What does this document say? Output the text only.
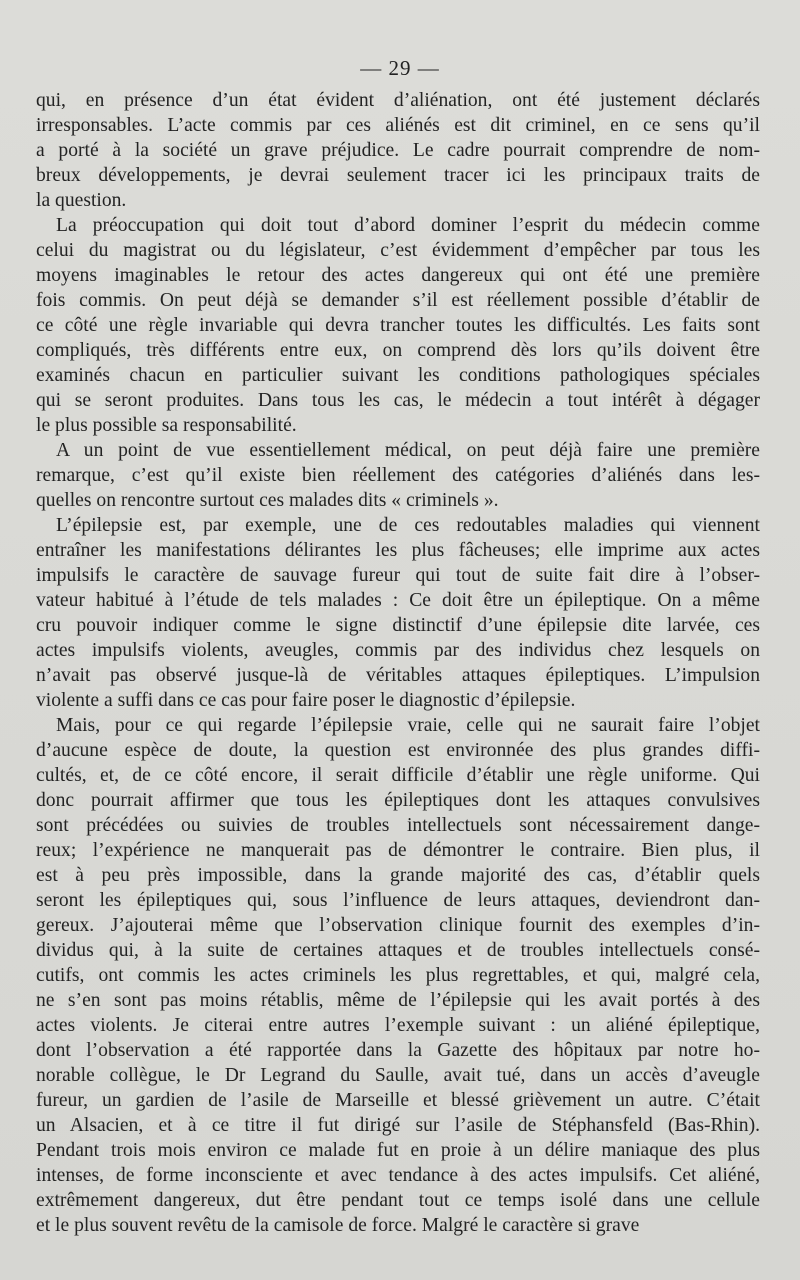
— 29 —
qui, en présence d’un état évident d’aliénation, ont été justement déclarés
irresponsables. L’acte commis par ces aliénés est dit criminel, en ce sens qu’il
a porté à la société un grave préjudice. Le cadre pourrait comprendre de nom-
breux développements, je devrai seulement tracer ici les principaux traits de
la question.
La préoccupation qui doit tout d’abord dominer l’esprit du médecin comme
celui du magistrat ou du législateur, c’est évidemment d’empêcher par tous les
moyens imaginables le retour des actes dangereux qui ont été une première
fois commis. On peut déjà se demander s’il est réellement possible d’établir de
ce côté une règle invariable qui devra trancher toutes les difficultés. Les faits sont
compliqués, très différents entre eux, on comprend dès lors qu’ils doivent être
examinés chacun en particulier suivant les conditions pathologiques spéciales
qui se seront produites. Dans tous les cas, le médecin a tout intérêt à dégager
le plus possible sa responsabilité.
A un point de vue essentiellement médical, on peut déjà faire une première
remarque, c’est qu’il existe bien réellement des catégories d’aliénés dans les-
quelles on rencontre surtout ces malades dits « criminels ».
L’épilepsie est, par exemple, une de ces redoutables maladies qui viennent
entraîner les manifestations délirantes les plus fâcheuses; elle imprime aux actes
impulsifs le caractère de sauvage fureur qui tout de suite fait dire à l’obser-
vateur habitué à l’étude de tels malades : Ce doit être un épileptique. On a même
cru pouvoir indiquer comme le signe distinctif d’une épilepsie dite larvée, ces
actes impulsifs violents, aveugles, commis par des individus chez lesquels on
n’avait pas observé jusque-là de véritables attaques épileptiques. L’impulsion
violente a suffi dans ce cas pour faire poser le diagnostic d’épilepsie.
Mais, pour ce qui regarde l’épilepsie vraie, celle qui ne saurait faire l’objet
d’aucune espèce de doute, la question est environnée des plus grandes diffi-
cultés, et, de ce côté encore, il serait difficile d’établir une règle uniforme. Qui
donc pourrait affirmer que tous les épileptiques dont les attaques convulsives
sont précédées ou suivies de troubles intellectuels sont nécessairement dange-
reux; l’expérience ne manquerait pas de démontrer le contraire. Bien plus, il
est à peu près impossible, dans la grande majorité des cas, d’établir quels
seront les épileptiques qui, sous l’influence de leurs attaques, deviendront dan-
gereux. J’ajouterai même que l’observation clinique fournit des exemples d’in-
dividus qui, à la suite de certaines attaques et de troubles intellectuels consé-
cutifs, ont commis les actes criminels les plus regrettables, et qui, malgré cela,
ne s’en sont pas moins rétablis, même de l’épilepsie qui les avait portés à des
actes violents. Je citerai entre autres l’exemple suivant : un aliéné épileptique,
dont l’observation a été rapportée dans la Gazette des hôpitaux par notre ho-
norable collègue, le Dr Legrand du Saulle, avait tué, dans un accès d’aveugle
fureur, un gardien de l’asile de Marseille et blessé grièvement un autre. C’était
un Alsacien, et à ce titre il fut dirigé sur l’asile de Stéphansfeld (Bas-Rhin).
Pendant trois mois environ ce malade fut en proie à un délire maniaque des plus
intenses, de forme inconsciente et avec tendance à des actes impulsifs. Cet aliéné,
extrêmement dangereux, dut être pendant tout ce temps isolé dans une cellule
et le plus souvent revêtu de la camisole de force. Malgré le caractère si grave
